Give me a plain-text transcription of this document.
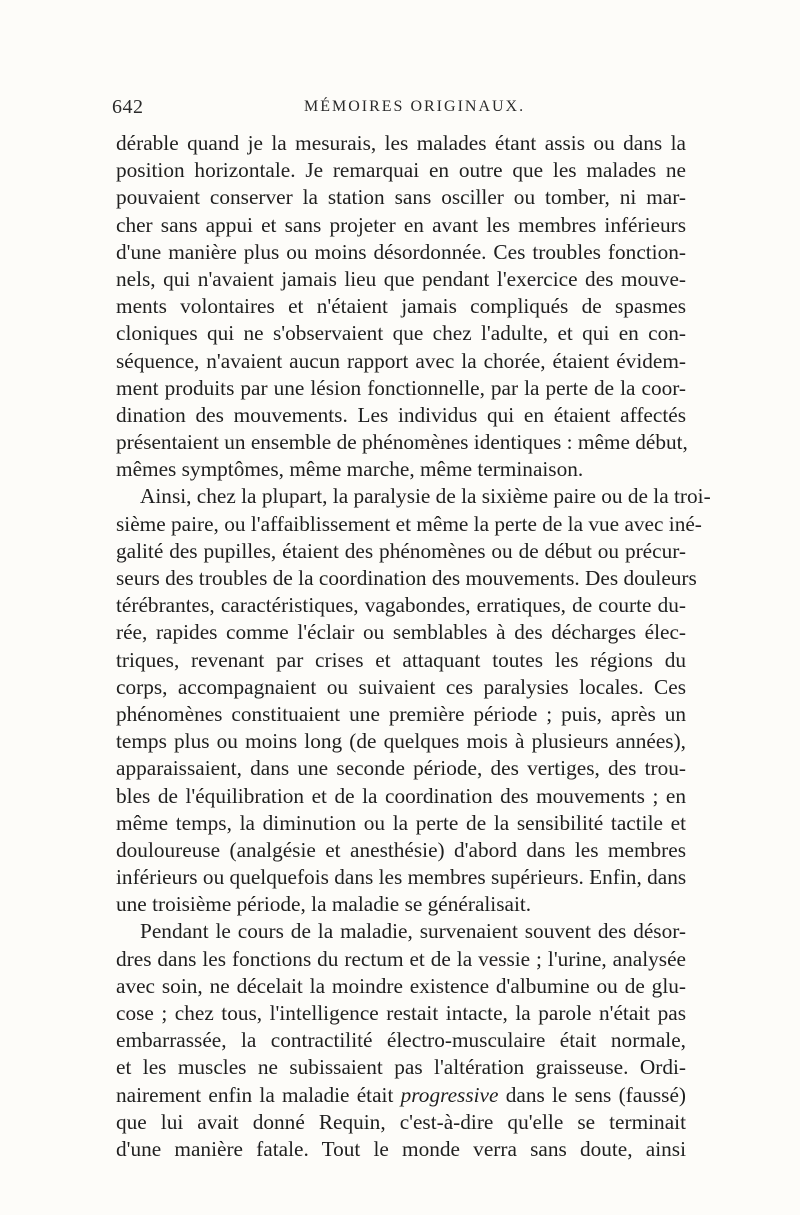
642	MÉMOIRES ORIGINAUX.
dérable quand je la mesurais, les malades étant assis ou dans la
position horizontale. Je remarquai en outre que les malades ne
pouvaient conserver la station sans osciller ou tomber, ni mar-
cher sans appui et sans projeter en avant les membres inférieurs
d'une manière plus ou moins désordonnée. Ces troubles fonction-
nels, qui n'avaient jamais lieu que pendant l'exercice des mouve-
ments volontaires et n'étaient jamais compliqués de spasmes
cloniques qui ne s'observaient que chez l'adulte, et qui en con-
séquence, n'avaient aucun rapport avec la chorée, étaient évidem-
ment produits par une lésion fonctionnelle, par la perte de la coor-
dination des mouvements. Les individus qui en étaient affectés
présentaient un ensemble de phénomènes identiques : même début,
mêmes symptômes, même marche, même terminaison.
Ainsi, chez la plupart, la paralysie de la sixième paire ou de la troi-
sième paire, ou l'affaiblissement et même la perte de la vue avec iné-
galité des pupilles, étaient des phénomènes ou de début ou précur-
seurs des troubles de la coordination des mouvements. Des douleurs
térébrantes, caractéristiques, vagabondes, erratiques, de courte du-
rée, rapides comme l'éclair ou semblables à des décharges élec-
triques, revenant par crises et attaquant toutes les régions du
corps, accompagnaient ou suivaient ces paralysies locales. Ces
phénomènes constituaient une première période ; puis, après un
temps plus ou moins long (de quelques mois à plusieurs années),
apparaissaient, dans une seconde période, des vertiges, des trou-
bles de l'équilibration et de la coordination des mouvements ; en
même temps, la diminution ou la perte de la sensibilité tactile et
douloureuse (analgésie et anesthésie) d'abord dans les membres
inférieurs ou quelquefois dans les membres supérieurs. Enfin, dans
une troisième période, la maladie se généralisait.
Pendant le cours de la maladie, survenaient souvent des désor-
dres dans les fonctions du rectum et de la vessie ; l'urine, analysée
avec soin, ne décelait la moindre existence d'albumine ou de glu-
cose ; chez tous, l'intelligence restait intacte, la parole n'était pas
embarrassée, la contractilité électro-musculaire était normale,
et les muscles ne subissaient pas l'altération graisseuse. Ordi-
nairement enfin la maladie était progressive dans le sens (faussé)
que lui avait donné Requin, c'est-à-dire qu'elle se terminait
d'une manière fatale. Tout le monde verra sans doute, ainsi
